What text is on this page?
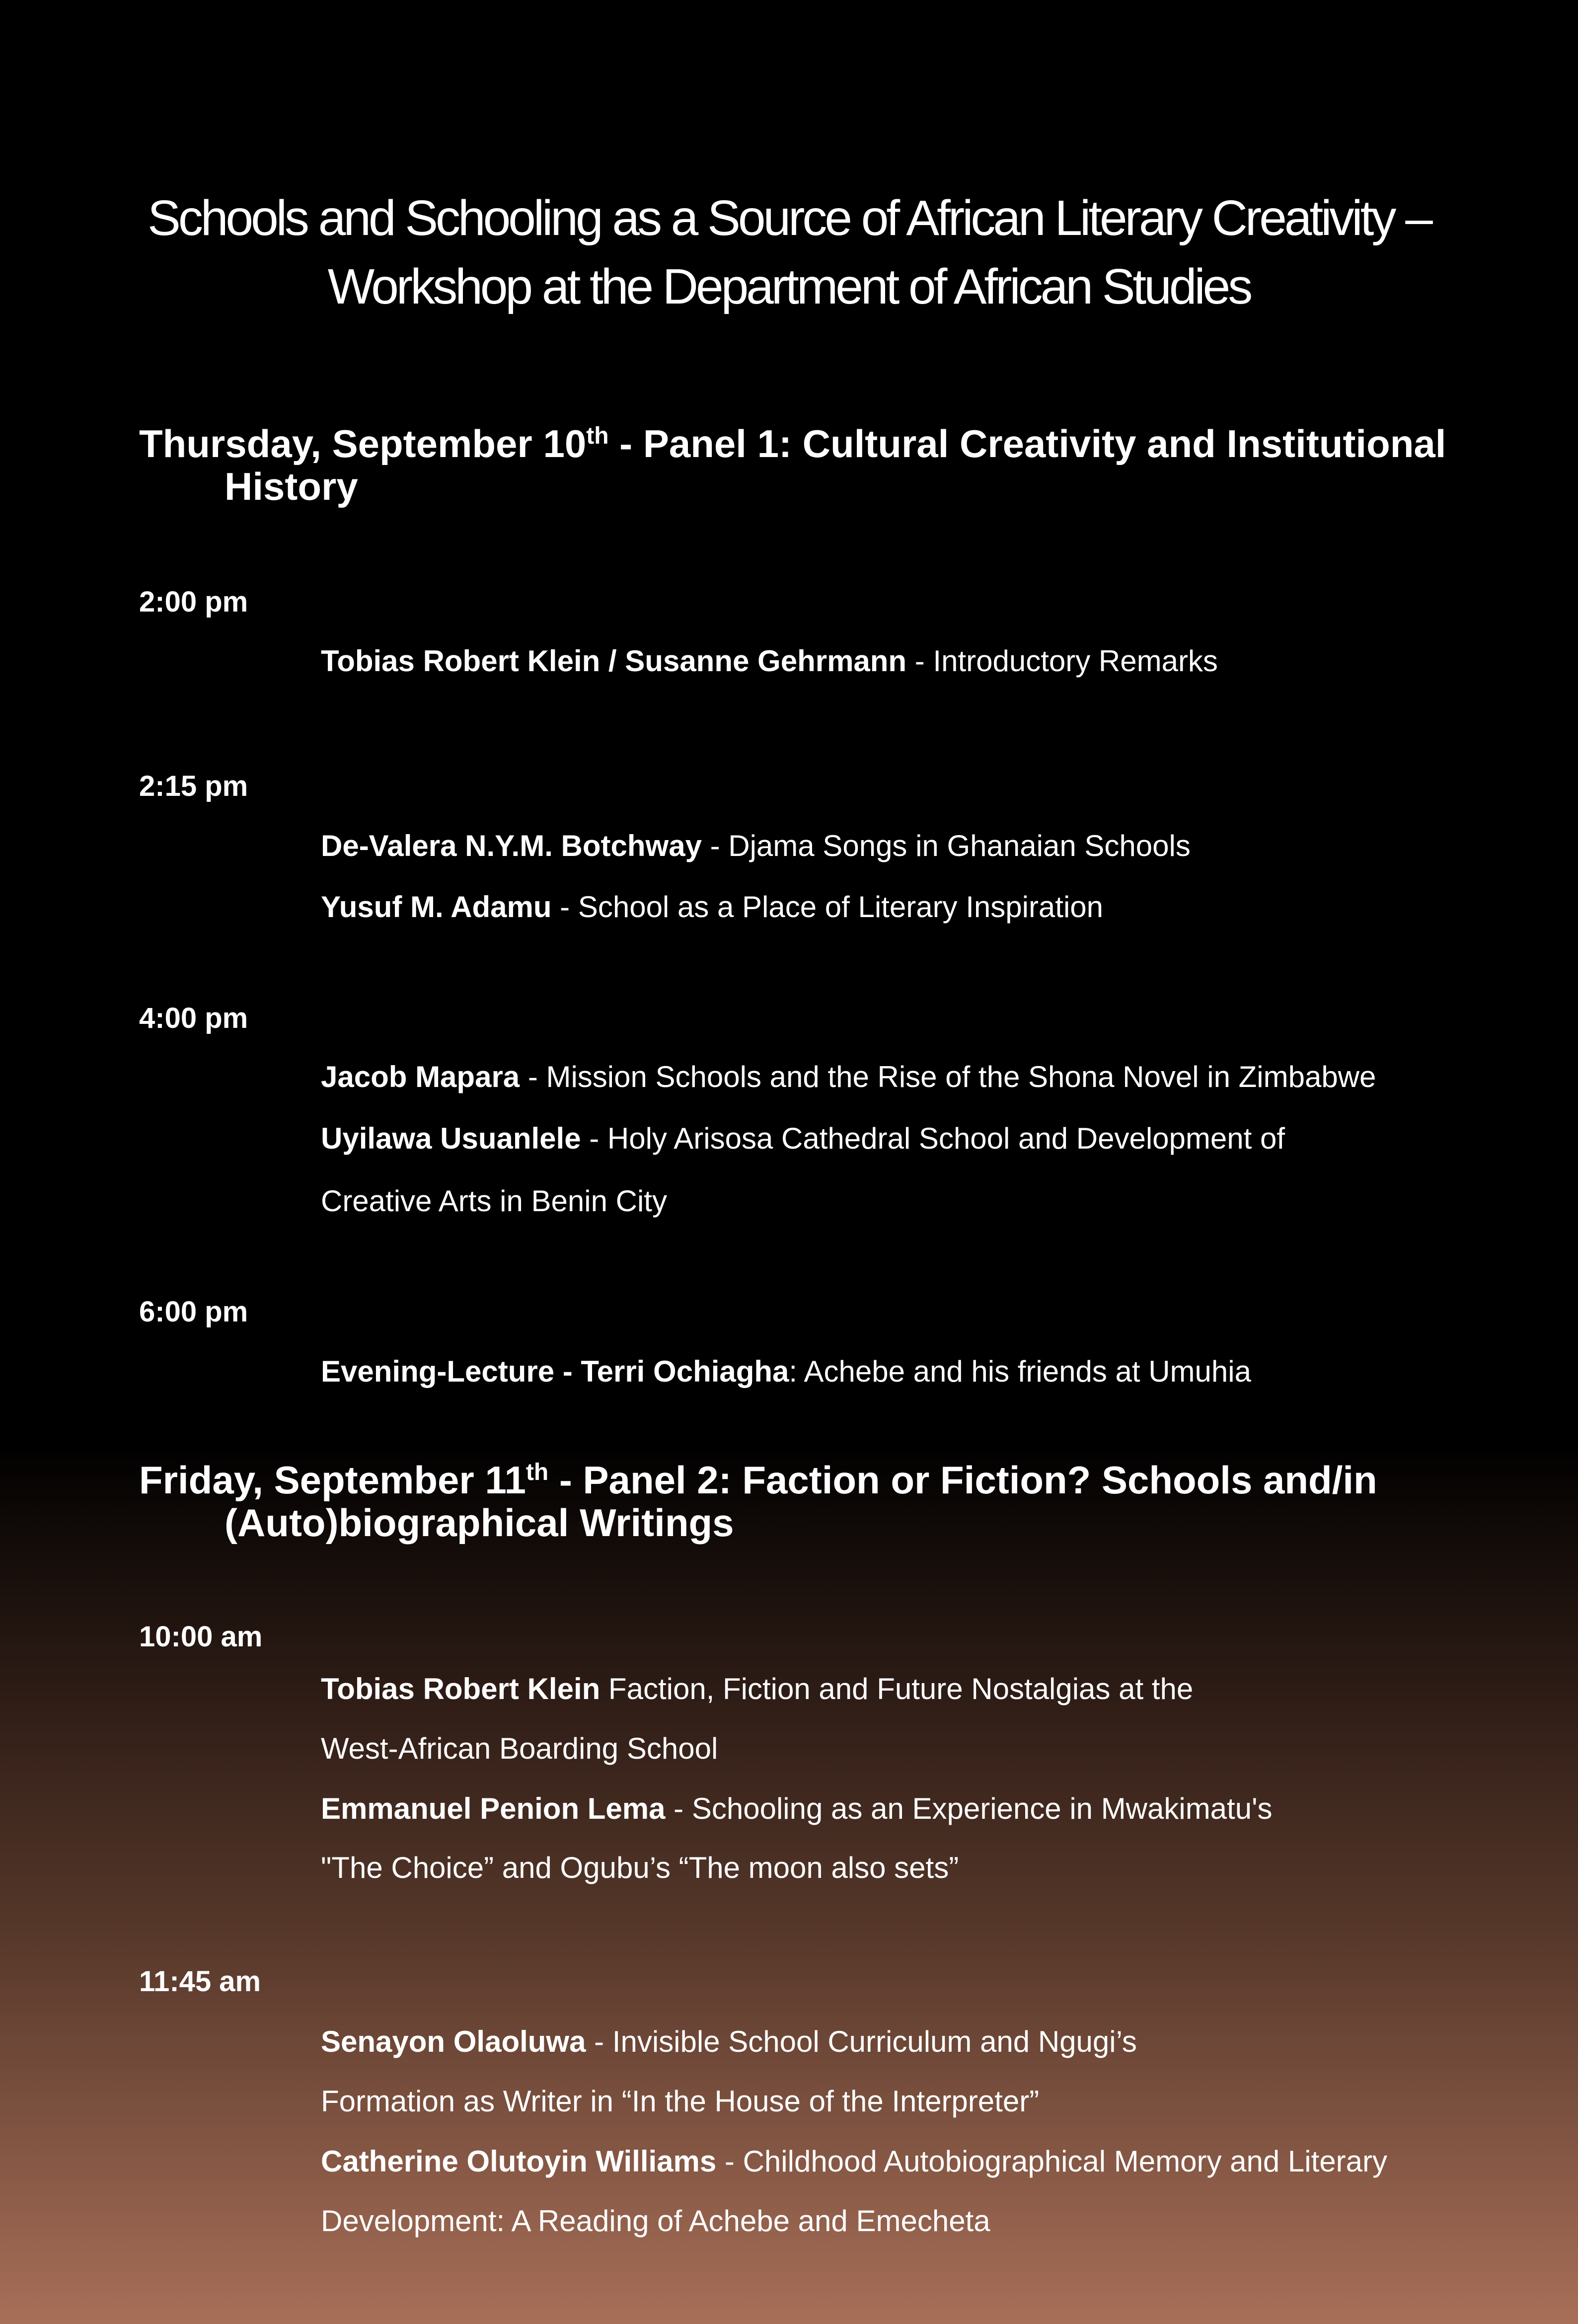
Schools and Schooling as a Source of African Literary Creativity –
Workshop at the Department of African Studies
Thursday, September 10th - Panel 1: Cultural Creativity and Institutional
History
2:00 pm
Tobias Robert Klein / Susanne Gehrmann - Introductory Remarks
2:15 pm
De-Valera N.Y.M. Botchway - Djama Songs in Ghanaian Schools
Yusuf M. Adamu - School as a Place of Literary Inspiration
4:00 pm
Jacob Mapara - Mission Schools and the Rise of the Shona Novel in Zimbabwe
Uyilawa Usuanlele - Holy Arisosa Cathedral School and Development of
Creative Arts in Benin City
6:00 pm
Evening-Lecture - Terri Ochiagha: Achebe and his friends at Umuhia
Friday, September 11th - Panel 2: Faction or Fiction? Schools and/in
(Auto)biographical Writings
10:00 am
Tobias Robert Klein Faction, Fiction and Future Nostalgias at the
West-African Boarding School
Emmanuel Penion Lema - Schooling as an Experience in Mwakimatu's
"The Choice” and Ogubu’s “The moon also sets”
11:45 am
Senayon Olaoluwa - Invisible School Curriculum and Ngugi’s
Formation as Writer in “In the House of the Interpreter”
Catherine Olutoyin Williams - Childhood Autobiographical Memory and Literary
Development: A Reading of Achebe and Emecheta
